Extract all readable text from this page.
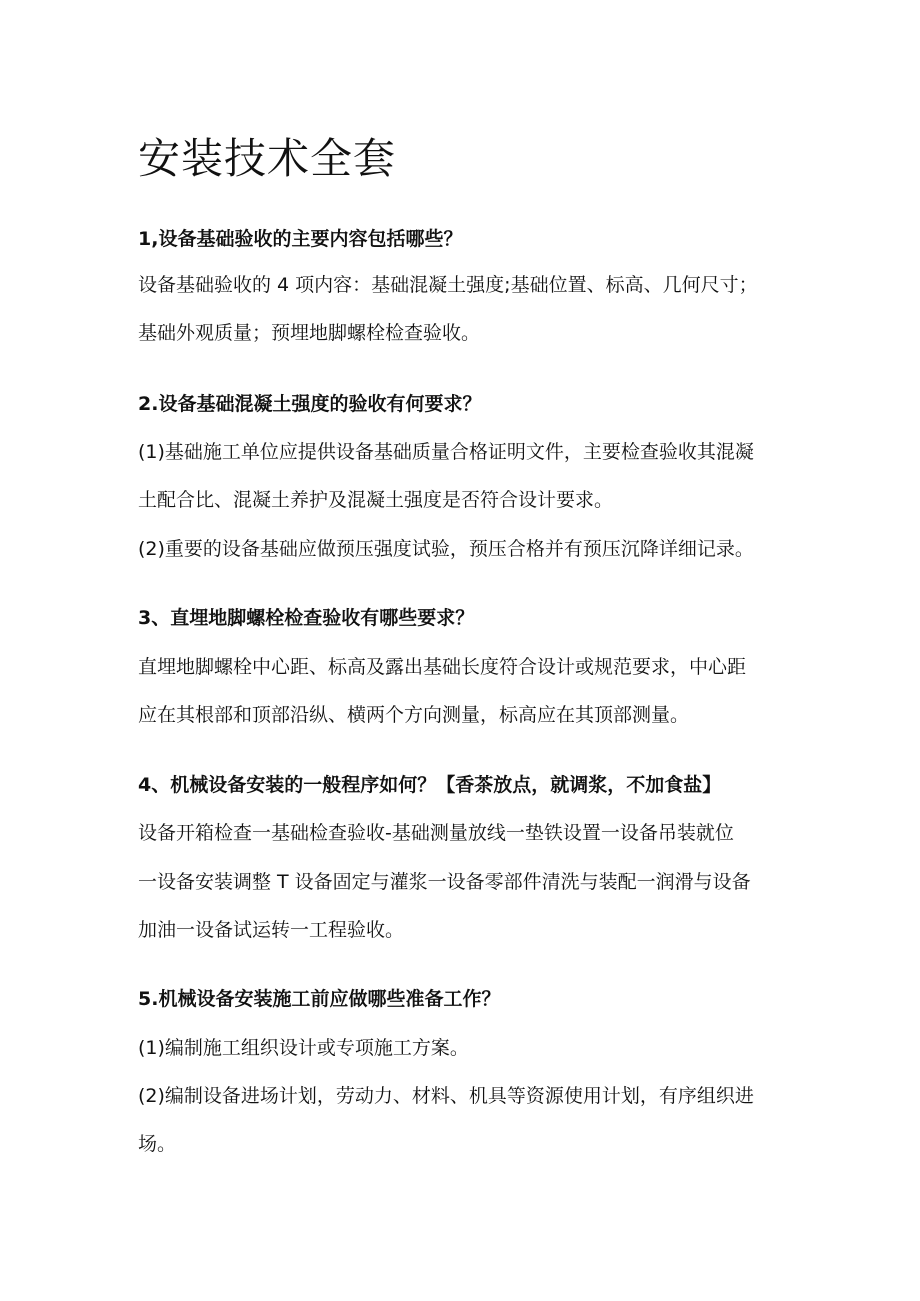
安装技术全套

1,设备基础验收的主要内容包括哪些？

设备基础验收的 4 项内容：基础混凝土强度;基础位置、标高、几何尺寸；

基础外观质量；预埋地脚螺栓检查验收。

2.设备基础混凝土强度的验收有何要求？

(1)基础施工单位应提供设备基础质量合格证明文件，主要检查验收其混凝

土配合比、混凝土养护及混凝土强度是否符合设计要求。

(2)重要的设备基础应做预压强度试验，预压合格并有预压沉降详细记录。

3、直埋地脚螺栓检查验收有哪些要求？

直埋地脚螺栓中心距、标高及露出基础长度符合设计或规范要求，中心距

应在其根部和顶部沿纵、横两个方向测量，标高应在其顶部测量。

4、机械设备安装的一般程序如何？【香茶放点，就调浆，不加食盐】

设备开箱检查一基础检查验收-基础测量放线一垫铁设置一设备吊装就位

一设备安装调整 T 设备固定与灌浆一设备零部件清洗与装配一润滑与设备

加油一设备试运转一工程验收。

5.机械设备安装施工前应做哪些准备工作？

(1)编制施工组织设计或专项施工方案。

(2)编制设备进场计划，劳动力、材料、机具等资源使用计划，有序组织进

场。
